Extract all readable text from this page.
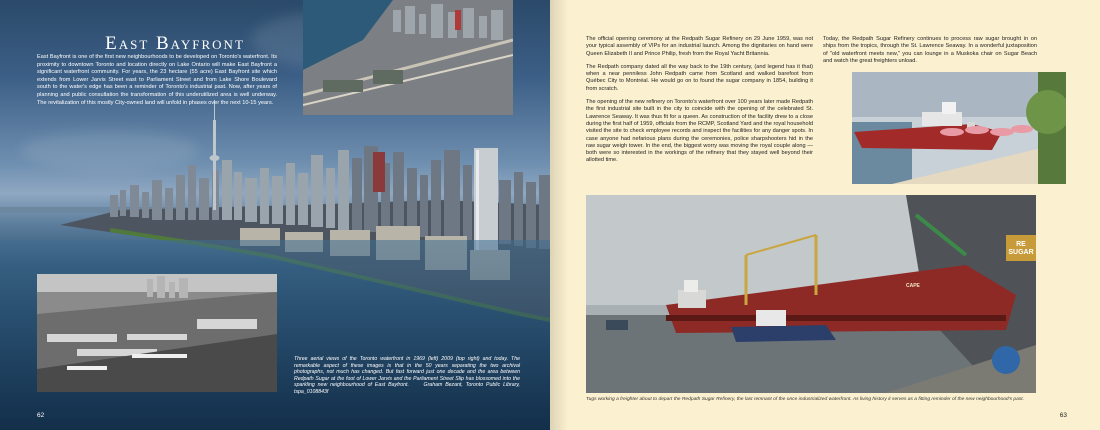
East Bayfront
East Bayfront is one of the first new neighbourhoods to be developed on Toronto's waterfront. Its proximity to downtown Toronto and location directly on Lake Ontario will make East Bayfront a significant waterfront community. For years, the 23 hectare (55 acre) East Bayfront site which extends from Lower Jarvis Street east to Parliament Street and from Lake Shore Boulevard south to the water's edge has been a reminder of Toronto's industrial past. Now, after years of planning and public consultation the transformation of this underutilized area is well underway. The revitalization of this mostly City-owned land will unfold in phases over the next 10-15 years.
Three aerial views of the Toronto waterfront in 1969 (left) 2009 (top right) and today. The remarkable aspect of these images is that in the 50 years separating the two archival photographs, not much has changed. But fast forward just one decade and the area between Redpath Sugar at the foot of Lower Jarvis and the Parliament Street Slip has blossomed into the sparkling new neighbourhood of East Bayfront.	Graham Bezant, Toronto Public Library, tspa_0108843f
62

The official opening ceremony at the Redpath Sugar Refinery on 29 June 1959, was not your typical assembly of VIPs for an industrial launch. Among the dignitaries on hand were Queen Elizabeth II and Prince Philip, fresh from the Royal Yacht Britannia.

The Redpath company dated all the way back to the 19th century, (and legend has it that) when a near penniless John Redpath came from Scotland and walked barefoot from Québec City to Montréal. He would go on to found the sugar company in 1854, building it from scratch.

The opening of the new refinery on Toronto's waterfront over 100 years later made Redpath the first industrial site built in the city to coincide with the opening of the celebrated St. Lawrence Seaway. It was thus fit for a queen. As construction of the facility drew to a close during the first half of 1959, officials from the RCMP, Scotland Yard and the royal household visited the site to check employee records and inspect the facilities for any danger spots. In case anyone had nefarious plans during the ceremonies, police sharpshooters hid in the raw sugar weigh tower. In the end, the biggest worry was moving the royal couple along — both were so interested in the workings of the refinery that they stayed well beyond their allotted time.

Today, the Redpath Sugar Refinery continues to process raw sugar brought in on ships from the tropics, through the St. Lawrence Seaway. In a wonderful juxtaposition of "old waterfront meets new," you can lounge in a Muskoka chair on Sugar Beach and watch the great freighters unload.

RE SUGAR
CAPE
Tugs working a freighter about to depart the Redpath Sugar Refinery, the last remnant of the once industrialized waterfront. As living history it serves as a fitting reminder of the new neighbourhood's past.
63
